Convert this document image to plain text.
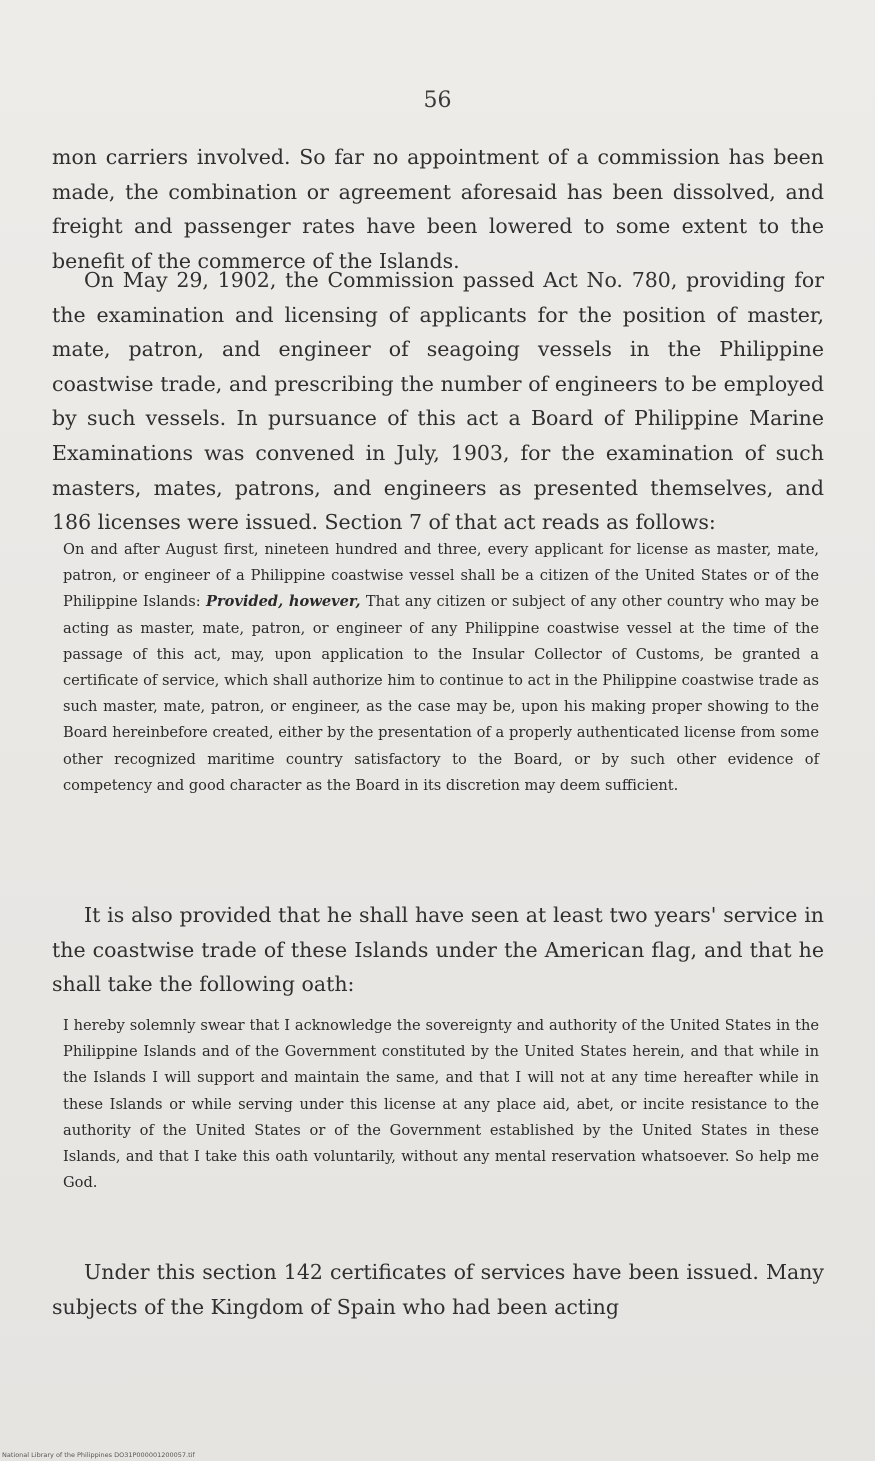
56

mon carriers involved. So far no appointment of a commission has been made, the combination or agreement aforesaid has been dissolved, and freight and passenger rates have been lowered to some extent to the benefit of the commerce of the Islands.

On May 29, 1902, the Commission passed Act No. 780, providing for the examination and licensing of applicants for the position of master, mate, patron, and engineer of seagoing vessels in the Philippine coastwise trade, and prescribing the number of engineers to be employed by such vessels. In pursuance of this act a Board of Philippine Marine Examinations was convened in July, 1903, for the examination of such masters, mates, patrons, and engineers as presented themselves, and 186 licenses were issued. Section 7 of that act reads as follows:

On and after August first, nineteen hundred and three, every applicant for license as master, mate, patron, or engineer of a Philippine coastwise vessel shall be a citizen of the United States or of the Philippine Islands: Provided, however, That any citizen or subject of any other country who may be acting as master, mate, patron, or engineer of any Philippine coastwise vessel at the time of the passage of this act, may, upon application to the Insular Collector of Customs, be granted a certificate of service, which shall authorize him to continue to act in the Philippine coastwise trade as such master, mate, patron, or engineer, as the case may be, upon his making proper showing to the Board hereinbefore created, either by the presentation of a properly authenticated license from some other recognized maritime country satisfactory to the Board, or by such other evidence of competency and good character as the Board in its discretion may deem sufficient.

It is also provided that he shall have seen at least two years' service in the coastwise trade of these Islands under the American flag, and that he shall take the following oath:

I hereby solemnly swear that I acknowledge the sovereignty and authority of the United States in the Philippine Islands and of the Government constituted by the United States herein, and that while in the Islands I will support and maintain the same, and that I will not at any time hereafter while in these Islands or while serving under this license at any place aid, abet, or incite resistance to the authority of the United States or of the Government established by the United States in these Islands, and that I take this oath voluntarily, without any mental reservation whatsoever. So help me God.

Under this section 142 certificates of services have been issued. Many subjects of the Kingdom of Spain who had been acting

National Library of the Philippines DO31P000001200057.tif
